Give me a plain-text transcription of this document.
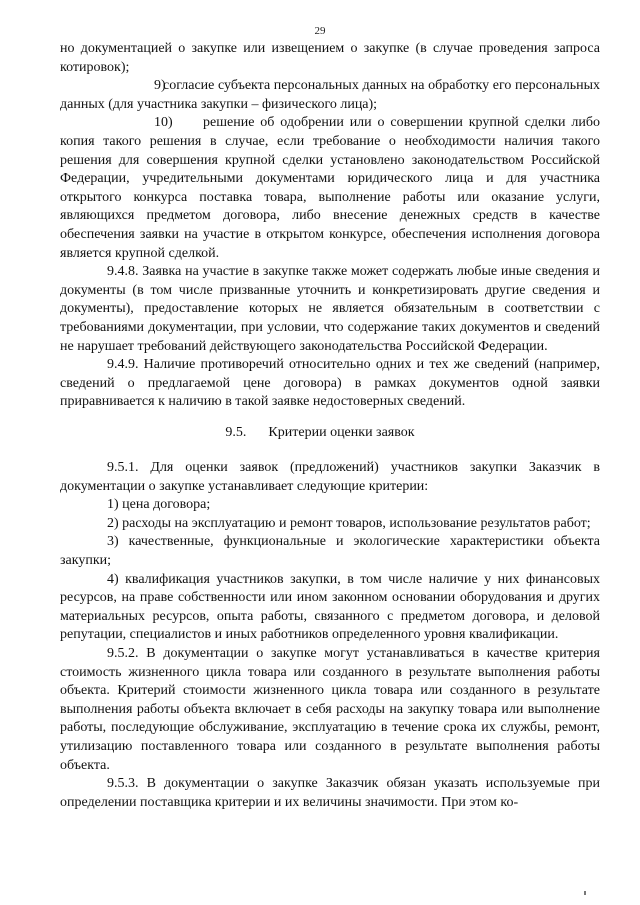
29

но документацией о закупке или извещением о закупке (в случае проведения запроса котировок);

9)согласие субъекта персональных данных на обработку его персональных данных (для участника закупки – физического лица);

10) решение об одобрении или о совершении крупной сделки либо копия такого решения в случае, если требование о необходимости наличия такого решения для совершения крупной сделки установлено законодательством Российской Федерации, учредительными документами юридического лица и для участника открытого конкурса поставка товара, выполнение работы или оказание услуги, являющихся предметом договора, либо внесение денежных средств в качестве обеспечения заявки на участие в открытом конкурсе, обеспечения исполнения договора является крупной сделкой.

9.4.8. Заявка на участие в закупке также может содержать любые иные сведения и документы (в том числе призванные уточнить и конкретизировать другие сведения и документы), предоставление которых не является обязательным в соответствии с требованиями документации, при условии, что содержание таких документов и сведений не нарушает требований действующего законодательства Российской Федерации.

9.4.9. Наличие противоречий относительно одних и тех же сведений (например, сведений о предлагаемой цене договора) в рамках документов одной заявки приравнивается к наличию в такой заявке недостоверных сведений.

9.5. Критерии оценки заявок

9.5.1. Для оценки заявок (предложений) участников закупки Заказчик в документации о закупке устанавливает следующие критерии:

1) цена договора;

2) расходы на эксплуатацию и ремонт товаров, использование результатов работ;

3) качественные, функциональные и экологические характеристики объекта закупки;

4) квалификация участников закупки, в том числе наличие у них финансовых ресурсов, на праве собственности или ином законном основании оборудования и других материальных ресурсов, опыта работы, связанного с предметом договора, и деловой репутации, специалистов и иных работников определенного уровня квалификации.

9.5.2. В документации о закупке могут устанавливаться в качестве критерия стоимость жизненного цикла товара или созданного в результате выполнения работы объекта. Критерий стоимости жизненного цикла товара или созданного в результате выполнения работы объекта включает в себя расходы на закупку товара или выполнение работы, последующие обслуживание, эксплуатацию в течение срока их службы, ремонт, утилизацию поставленного товара или созданного в результате выполнения работы объекта.

9.5.3. В документации о закупке Заказчик обязан указать используемые при определении поставщика критерии и их величины значимости. При этом ко-
